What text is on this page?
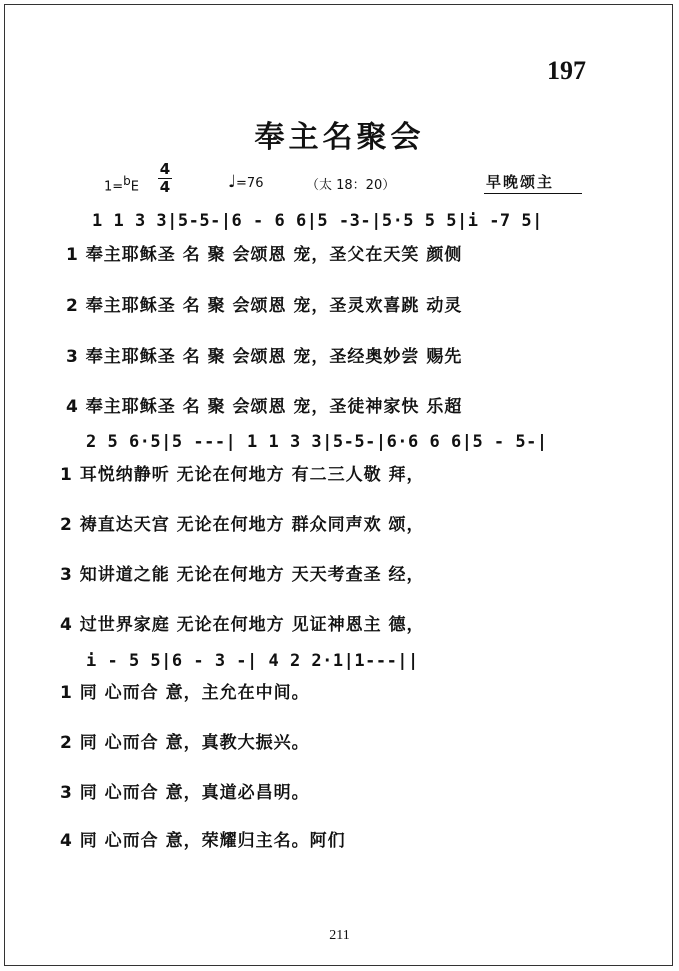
197
奉主名聚会
1=$^b$E
4
4	♩=76	（太 18：20）	早晚颂主
1 1 3 3|5-5-|6 - 6 6|5 -3-|5·5 5 5|i -7 5|
1 奉主耶稣圣 名 聚 会颂恩 宠，圣父在天笑 颜侧
2 奉主耶稣圣 名 聚 会颂恩 宠，圣灵欢喜跳 动灵
3 奉主耶稣圣 名 聚 会颂恩 宠，圣经奥妙尝 赐先
4 奉主耶稣圣 名 聚 会颂恩 宠，圣徒神家快 乐超
2 5 6·5|5 ---| 1 1 3 3|5-5-|6·6 6 6|5 - 5-|
1 耳悦纳静听 无论在何地方 有二三人敬 拜，
2 祷直达天宫 无论在何地方 群众同声欢 颂，
3 知讲道之能 无论在何地方 天天考查圣 经，
4 过世界家庭 无论在何地方 见证神恩主 德，
i - 5 5|6 - 3 -| 4 2 2·1|1---||
1 同 心而合 意，主允在中间。
2 同 心而合 意，真教大振兴。
3 同 心而合 意，真道必昌明。
4 同 心而合 意，荣耀归主名。阿们
211
